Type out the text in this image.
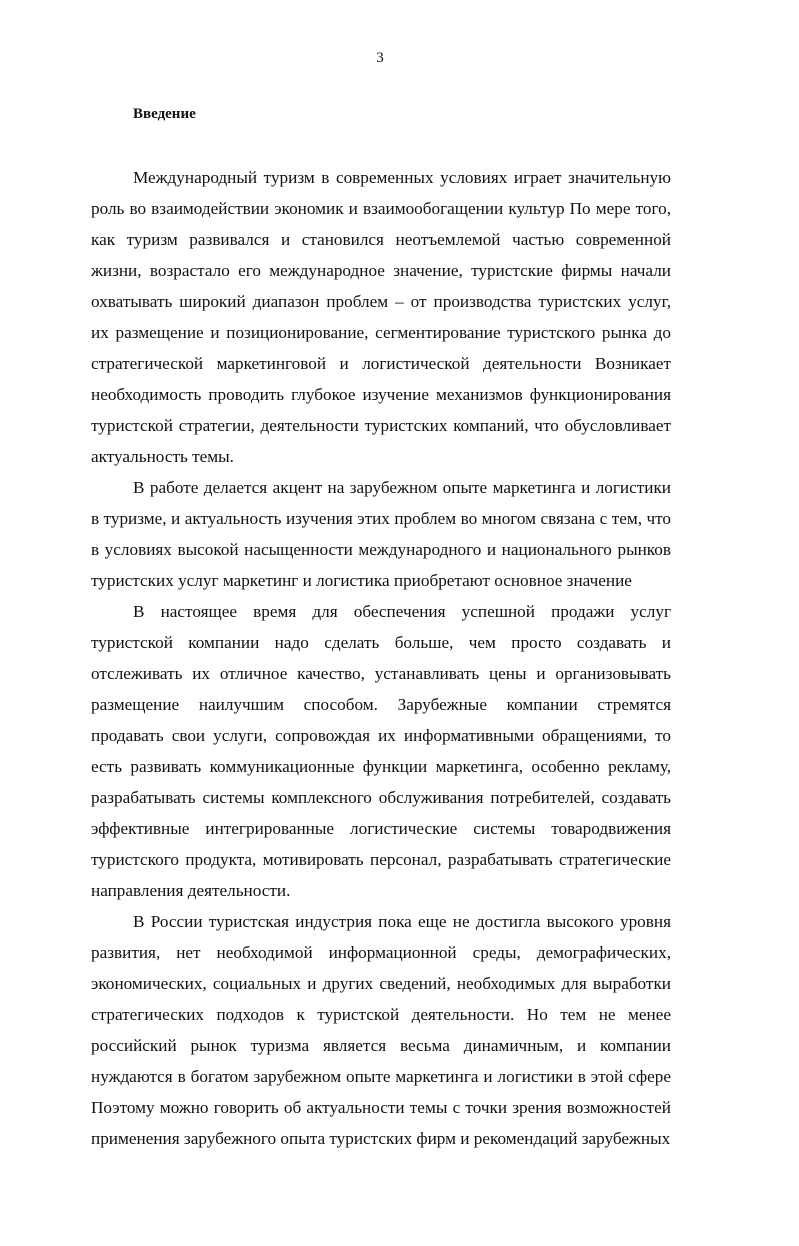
3
Введение

Международный туризм в современных условиях играет значительную роль во взаимодействии экономик и взаимообогащении культур По мере того, как туризм развивался и становился неотъемлемой частью современной жизни, возрастало его международное значение, туристские фирмы начали охватывать широкий диапазон проблем – от производства туристских услуг, их размещение и позиционирование, сегментирование туристского рынка до стратегической маркетинговой и логистической деятельности Возникает необходимость проводить глубокое изучение механизмов функционирования туристской стратегии, деятельности туристских компаний, что обусловливает актуальность темы.

В работе делается акцент на зарубежном опыте маркетинга и логистики в туризме, и актуальность изучения этих проблем во многом связана с тем, что в условиях высокой насыщенности международного и национального рынков туристских услуг маркетинг и логистика приобретают основное значение

В настоящее время для обеспечения успешной продажи услуг туристской компании надо сделать больше, чем просто создавать и отслеживать их отличное качество, устанавливать цены и организовывать размещение наилучшим способом. Зарубежные компании стремятся продавать свои услуги, сопровождая их информативными обращениями, то есть развивать коммуникационные функции маркетинга, особенно рекламу, разрабатывать системы комплексного обслуживания потребителей, создавать эффективные интегрированные логистические системы товародвижения туристского продукта, мотивировать персонал, разрабатывать стратегические направления деятельности.

В России туристская индустрия пока еще не достигла высокого уровня развития, нет необходимой информационной среды, демографических, экономических, социальных и других сведений, необходимых для выработки стратегических подходов к туристской деятельности. Но тем не менее российский рынок туризма является весьма динамичным, и компании нуждаются в богатом зарубежном опыте маркетинга и логистики в этой сфере Поэтому можно говорить об актуальности темы с точки зрения возможностей применения зарубежного опыта туристских фирм и рекомендаций зарубежных
